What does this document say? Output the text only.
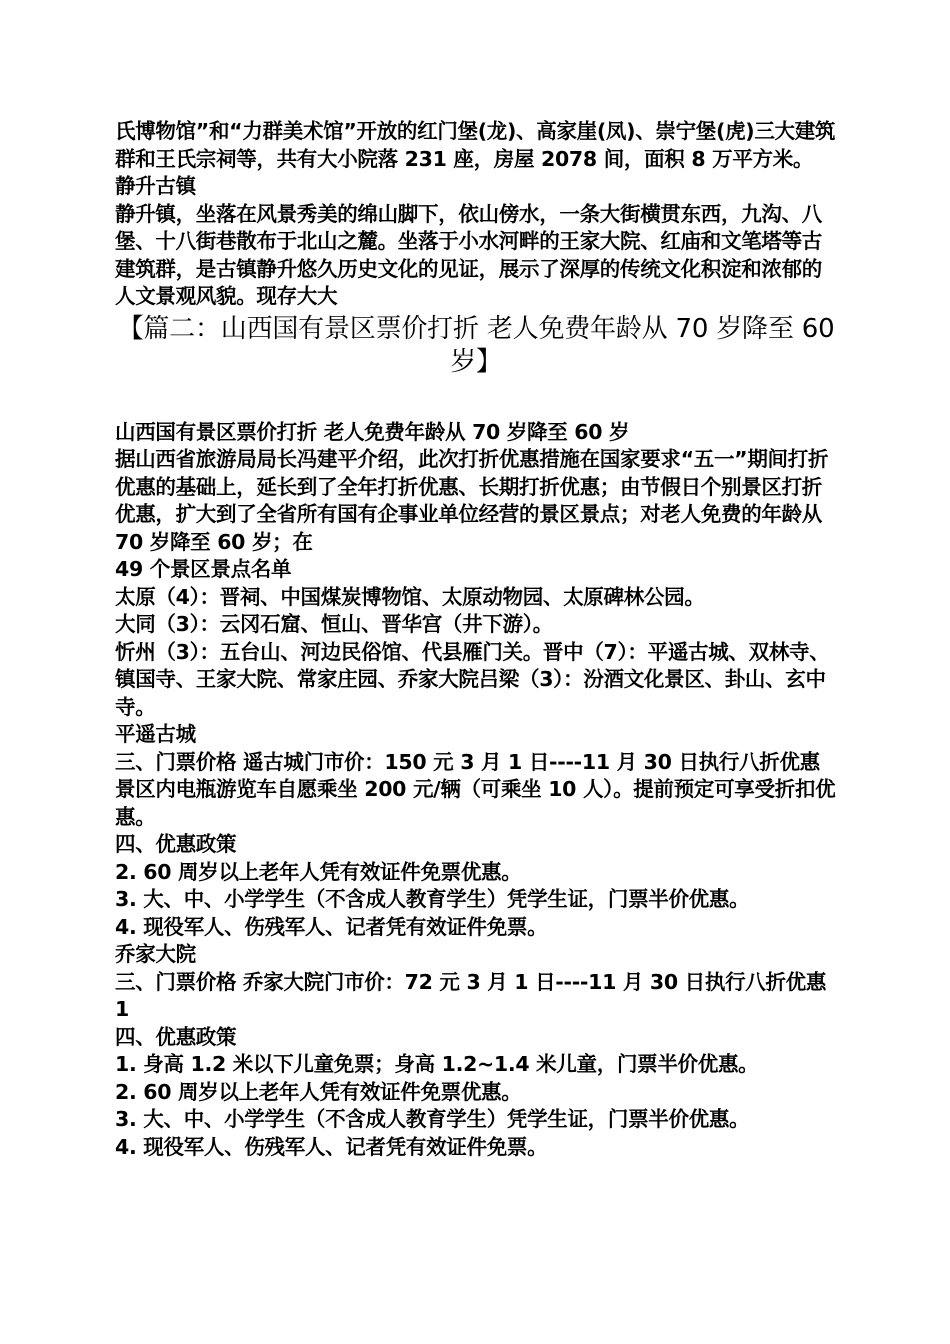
氏博物馆”和“力群美术馆”开放的红门堡(龙)、高家崖(凤)、崇宁堡(虎)三大建筑群和王氏宗祠等，共有大小院落 231 座，房屋 2078 间，面积 8 万平方米。　静升古镇
静升镇，坐落在风景秀美的绵山脚下，依山傍水，一条大街横贯东西，九沟、八堡、十八街巷散布于北山之麓。坐落于小水河畔的王家大院、红庙和文笔塔等古建筑群，是古镇静升悠久历史文化的见证，展示了深厚的传统文化积淀和浓郁的人文景观风貌。现存大大
【篇二：山西国有景区票价打折 老人免费年龄从 70 岁降至 60 岁】
山西国有景区票价打折 老人免费年龄从 70 岁降至 60 岁
据山西省旅游局局长冯建平介绍，此次打折优惠措施在国家要求“五一”期间打折优惠的基础上，延长到了全年打折优惠、长期打折优惠；由节假日个别景区打折优惠，扩大到了全省所有国有企事业单位经营的景区景点；对老人免费的年龄从 70 岁降至 60 岁；在
49 个景区景点名单
太原（4）：晋祠、中国煤炭博物馆、太原动物园、太原碑林公园。
大同（3）：云冈石窟、恒山、晋华宫（井下游）。
忻州（3）：五台山、河边民俗馆、代县雁门关。晋中（7）：平遥古城、双林寺、镇国寺、王家大院、常家庄园、乔家大院吕梁（3）：汾酒文化景区、卦山、玄中寺。
平遥古城
三、门票价格 遥古城门市价：150 元 3 月 1 日----11 月 30 日执行八折优惠
景区内电瓶游览车自愿乘坐 200 元/辆（可乘坐 10 人）。提前预定可享受折扣优惠。
四、优惠政策
2. 60 周岁以上老年人凭有效证件免票优惠。
3. 大、中、小学学生（不含成人教育学生）凭学生证，门票半价优惠。
4. 现役军人、伤残军人、记者凭有效证件免票。
乔家大院
三、门票价格 乔家大院门市价：72 元 3 月 1 日----11 月 30 日执行八折优惠 1
四、优惠政策
1. 身高 1.2 米以下儿童免票；身高 1.2~1.4 米儿童，门票半价优惠。
2. 60 周岁以上老年人凭有效证件免票优惠。
3. 大、中、小学学生（不含成人教育学生）凭学生证，门票半价优惠。
4. 现役军人、伤残军人、记者凭有效证件免票。
